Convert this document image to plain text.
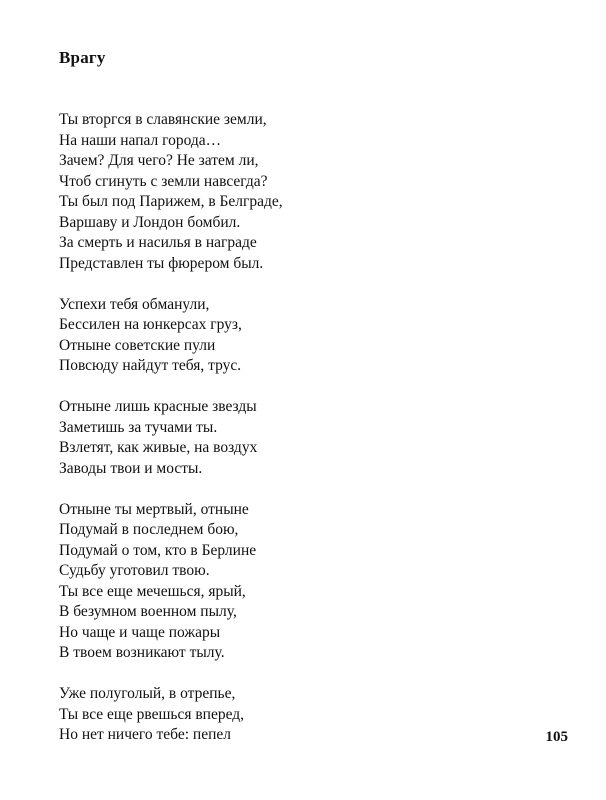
Врагу
Ты вторгся в славянские земли,
На наши напал города…
Зачем? Для чего? Не затем ли,
Чтоб сгинуть с земли навсегда?
Ты был под Парижем, в Белграде,
Варшаву и Лондон бомбил.
За смерть и насилья в награде
Представлен ты фюрером был.
Успехи тебя обманули,
Бессилен на юнкерсах груз,
Отныне советские пули
Повсюду найдут тебя, трус.
Отныне лишь красные звезды
Заметишь за тучами ты.
Взлетят, как живые, на воздух
Заводы твои и мосты.
Отныне ты мертвый, отныне
Подумай в последнем бою,
Подумай о том, кто в Берлине
Судьбу уготовил твою.
Ты все еще мечешься, ярый,
В безумном военном пылу,
Но чаще и чаще пожары
В твоем возникают тылу.
Уже полуголый, в отрепье,
Ты все еще рвешься вперед,
Но нет ничего тебе: пепел	105
